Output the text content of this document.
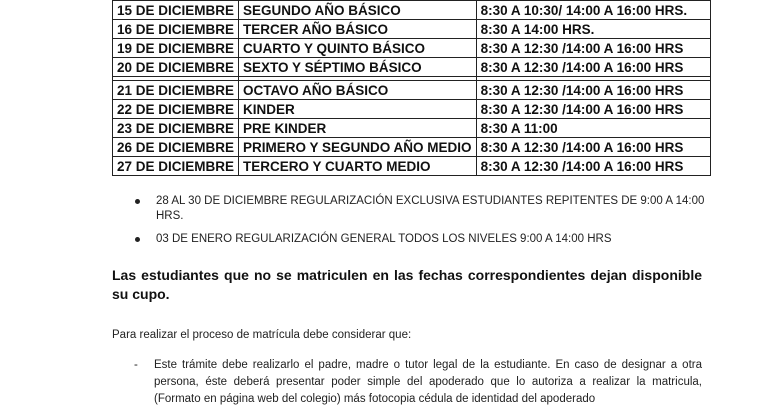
15 DE DICIEMBRE	SEGUNDO AÑO BÁSICO	8:30 A 10:30/ 14:00 A 16:00 HRS.
16 DE DICIEMBRE	TERCER AÑO BÁSICO	8:30 A 14:00 HRS.
19 DE DICIEMBRE	CUARTO Y QUINTO BÁSICO	8:30 A 12:30 /14:00 A 16:00 HRS
20 DE DICIEMBRE	SEXTO Y SÉPTIMO BÁSICO	8:30 A 12:30 /14:00 A 16:00 HRS

21 DE DICIEMBRE	OCTAVO AÑO BÁSICO	8:30 A 12:30 /14:00 A 16:00 HRS
22 DE DICIEMBRE	KINDER	8:30 A 12:30 /14:00 A 16:00 HRS
23 DE DICIEMBRE	PRE KINDER	8:30 A 11:00
26 DE DICIEMBRE	PRIMERO Y SEGUNDO AÑO MEDIO	8:30 A 12:30 /14:00 A 16:00 HRS
27 DE DICIEMBRE	TERCERO Y CUARTO MEDIO	8:30 A 12:30 /14:00 A 16:00 HRS
28 AL 30 DE DICIEMBRE REGULARIZACIÓN EXCLUSIVA ESTUDIANTES REPITENTES DE 9:00 A 14:00 HRS.
03 DE ENERO REGULARIZACIÓN GENERAL TODOS LOS NIVELES 9:00 A 14:00 HRS

Las estudiantes que no se matriculen en las fechas correspondientes dejan disponible su cupo.

Para realizar el proceso de matrícula debe considerar que:

- Este trámite debe realizarlo el padre, madre o tutor legal de la estudiante. En caso de designar a otra persona, éste deberá presentar poder simple del apoderado que lo autoriza a realizar la matricula, (Formato en página web del colegio) más fotocopia cédula de identidad del apoderado
